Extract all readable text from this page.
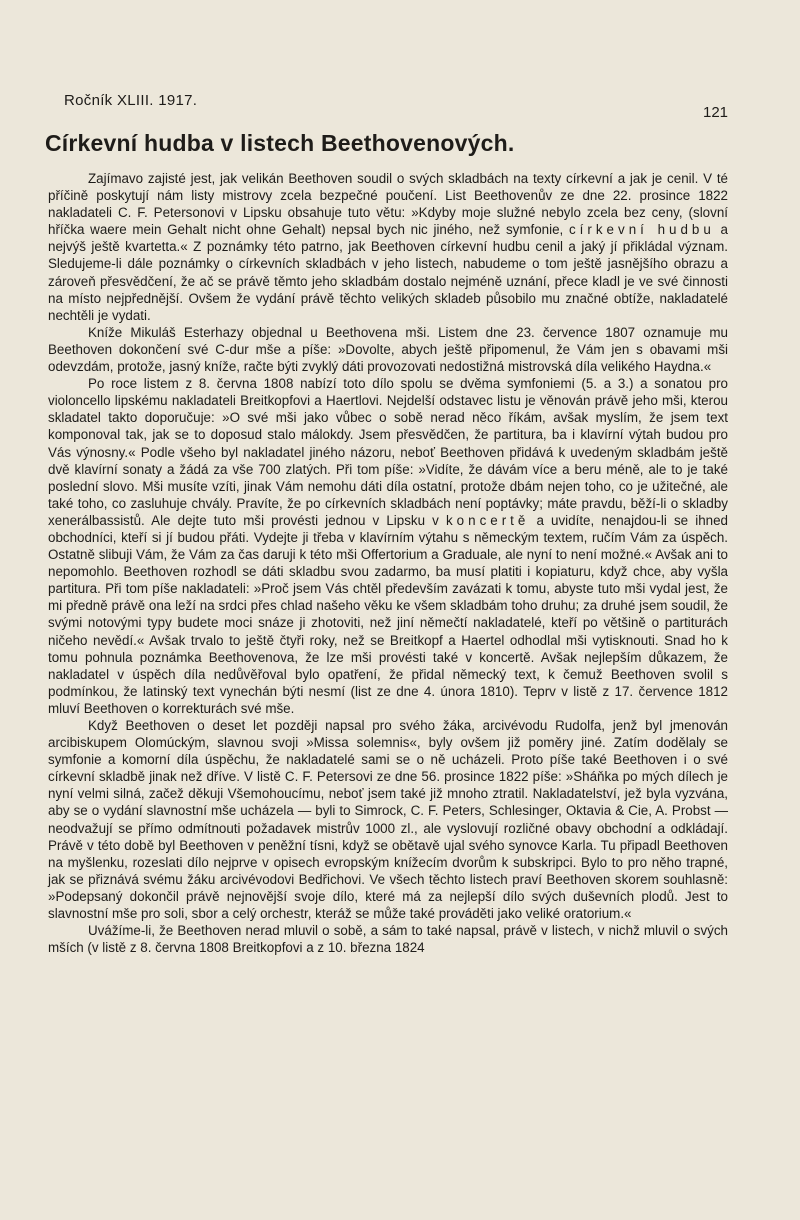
Ročník XLIII. 1917.
121
Církevní hudba v listech Beethovenových.

Zajímavo zajisté jest, jak velikán Beethoven soudil o svých skladbách na texty církevní a jak je cenil. V té příčině poskytují nám listy mistrovy zcela bezpečné poučení. List Beethovenův ze dne 22. prosince 1822 nakladateli C. F. Petersonovi v Lipsku obsahuje tuto větu: »Kdyby moje služné nebylo zcela bez ceny, (slovní hříčka waere mein Gehalt nicht ohne Gehalt) nepsal bych nic jiného, než symfonie, církevní hudbu a nejvýš ještě kvartetta.« Z poznámky této patrno, jak Beethoven církevní hudbu cenil a jaký jí přikládal význam. Sledujeme-li dále poznámky o církevních skladbách v jeho listech, nabudeme o tom ještě jasnějšího obrazu a zároveň přesvědčení, že ač se právě těmto jeho skladbám dostalo nejméně uznání, přece kladl je ve své činnosti na místo nejpřednější. Ovšem že vydání právě těchto velikých skladeb působilo mu značné obtíže, nakladatelé nechtěli je vydati.

Kníže Mikuláš Esterhazy objednal u Beethovena mši. Listem dne 23. července 1807 oznamuje mu Beethoven dokončení své C-dur mše a píše: »Dovolte, abych ještě připomenul, že Vám jen s obavami mši odevzdám, protože, jasný kníže, račte býti zvyklý dáti provozovati nedostižná mistrovská díla velikého Haydna.«

Po roce listem z 8. června 1808 nabízí toto dílo spolu se dvěma symfoniemi (5. a 3.) a sonatou pro violoncello lipskému nakladateli Breitkopfovi a Haertlovi. Nejdelší odstavec listu je věnován právě jeho mši, kterou skladatel takto doporučuje: »O své mši jako vůbec o sobě nerad něco říkám, avšak myslím, že jsem text komponoval tak, jak se to doposud stalo málokdy. Jsem přesvědčen, že partitura, ba i klavírní výtah budou pro Vás výnosny.« Podle všeho byl nakladatel jiného názoru, neboť Beethoven přidává k uvedeným skladbám ještě dvě klavírní sonaty a žádá za vše 700 zlatých. Při tom píše: »Vidíte, že dávám více a beru méně, ale to je také poslední slovo. Mši musíte vzíti, jinak Vám nemohu dáti díla ostatní, protože dbám nejen toho, co je užitečné, ale také toho, co zasluhuje chvály. Pravíte, že po církevních skladbách není poptávky; máte pravdu, běží-li o skladby xenerálbassistů. Ale dejte tuto mši provésti jednou v Lipsku v koncertě a uvidíte, nenajdou-li se ihned obchodníci, kteří si jí budou přáti. Vydejte ji třeba v klavírním výtahu s německým textem, ručím Vám za úspěch. Ostatně slibuji Vám, že Vám za čas daruji k této mši Offertorium a Graduale, ale nyní to není možné.« Avšak ani to nepomohlo. Beethoven rozhodl se dáti skladbu svou zadarmo, ba musí platiti i kopiaturu, když chce, aby vyšla partitura. Při tom píše nakladateli: »Proč jsem Vás chtěl především zavázati k tomu, abyste tuto mši vydal jest, že mi předně právě ona leží na srdci přes chlad našeho věku ke všem skladbám toho druhu; za druhé jsem soudil, že svými notovými typy budete moci snáze ji zhotoviti, než jiní němečtí nakladatelé, kteří po většině o partiturách ničeho nevědí.« Avšak trvalo to ještě čtyři roky, než se Breitkopf a Haertel odhodlal mši vytisknouti. Snad ho k tomu pohnula poznámka Beethovenova, že lze mši provésti také v koncertě. Avšak nejlepším důkazem, že nakladatel v úspěch díla nedůvěřoval bylo opatření, že přidal německý text, k čemuž Beethoven svolil s podmínkou, že latinský text vynechán býti nesmí (list ze dne 4. února 1810). Teprv v listě z 17. července 1812 mluví Beethoven o korrekturách své mše.

Když Beethoven o deset let později napsal pro svého žáka, arcivévodu Rudolfa, jenž byl jmenován arcibiskupem Olomúckým, slavnou svoji »Missa solemnis«, byly ovšem již poměry jiné. Zatím dodělaly se symfonie a komorní díla úspěchu, že nakladatelé sami se o ně ucházeli. Proto píše také Beethoven i o své církevní skladbě jinak než dříve. V listě C. F. Petersovi ze dne 56. prosince 1822 píše: »Sháňka po mých dílech je nyní velmi silná, začež děkuji Všemohoucímu, neboť jsem také již mnoho ztratil. Nakladatelství, jež byla vyzvána, aby se o vydání slavnostní mše ucházela — byli to Simrock, C. F. Peters, Schlesinger, Oktavia & Cie, A. Probst — neodvažují se přímo odmítnouti požadavek mistrův 1000 zl., ale vyslovují rozličné obavy obchodní a odkládají. Právě v této době byl Beethoven v peněžní tísni, když se obětavě ujal svého synovce Karla. Tu připadl Beethoven na myšlenku, rozeslati dílo nejprve v opisech evropským knížecím dvorům k subskripci. Bylo to pro něho trapné, jak se přiznává svému žáku arcivévodovi Bedřichovi. Ve všech těchto listech praví Beethoven skorem souhlasně: »Podepsaný dokončil právě nejnovější svoje dílo, které má za nejlepší dílo svých duševních plodů. Jest to slavnostní mše pro soli, sbor a celý orchestr, kteráž se může také prováděti jako veliké oratorium.«

Uvážíme-li, že Beethoven nerad mluvil o sobě, a sám to také napsal, právě v listech, v nichž mluvil o svých mších (v listě z 8. června 1808 Breitkopfovi a z 10. března 1824
